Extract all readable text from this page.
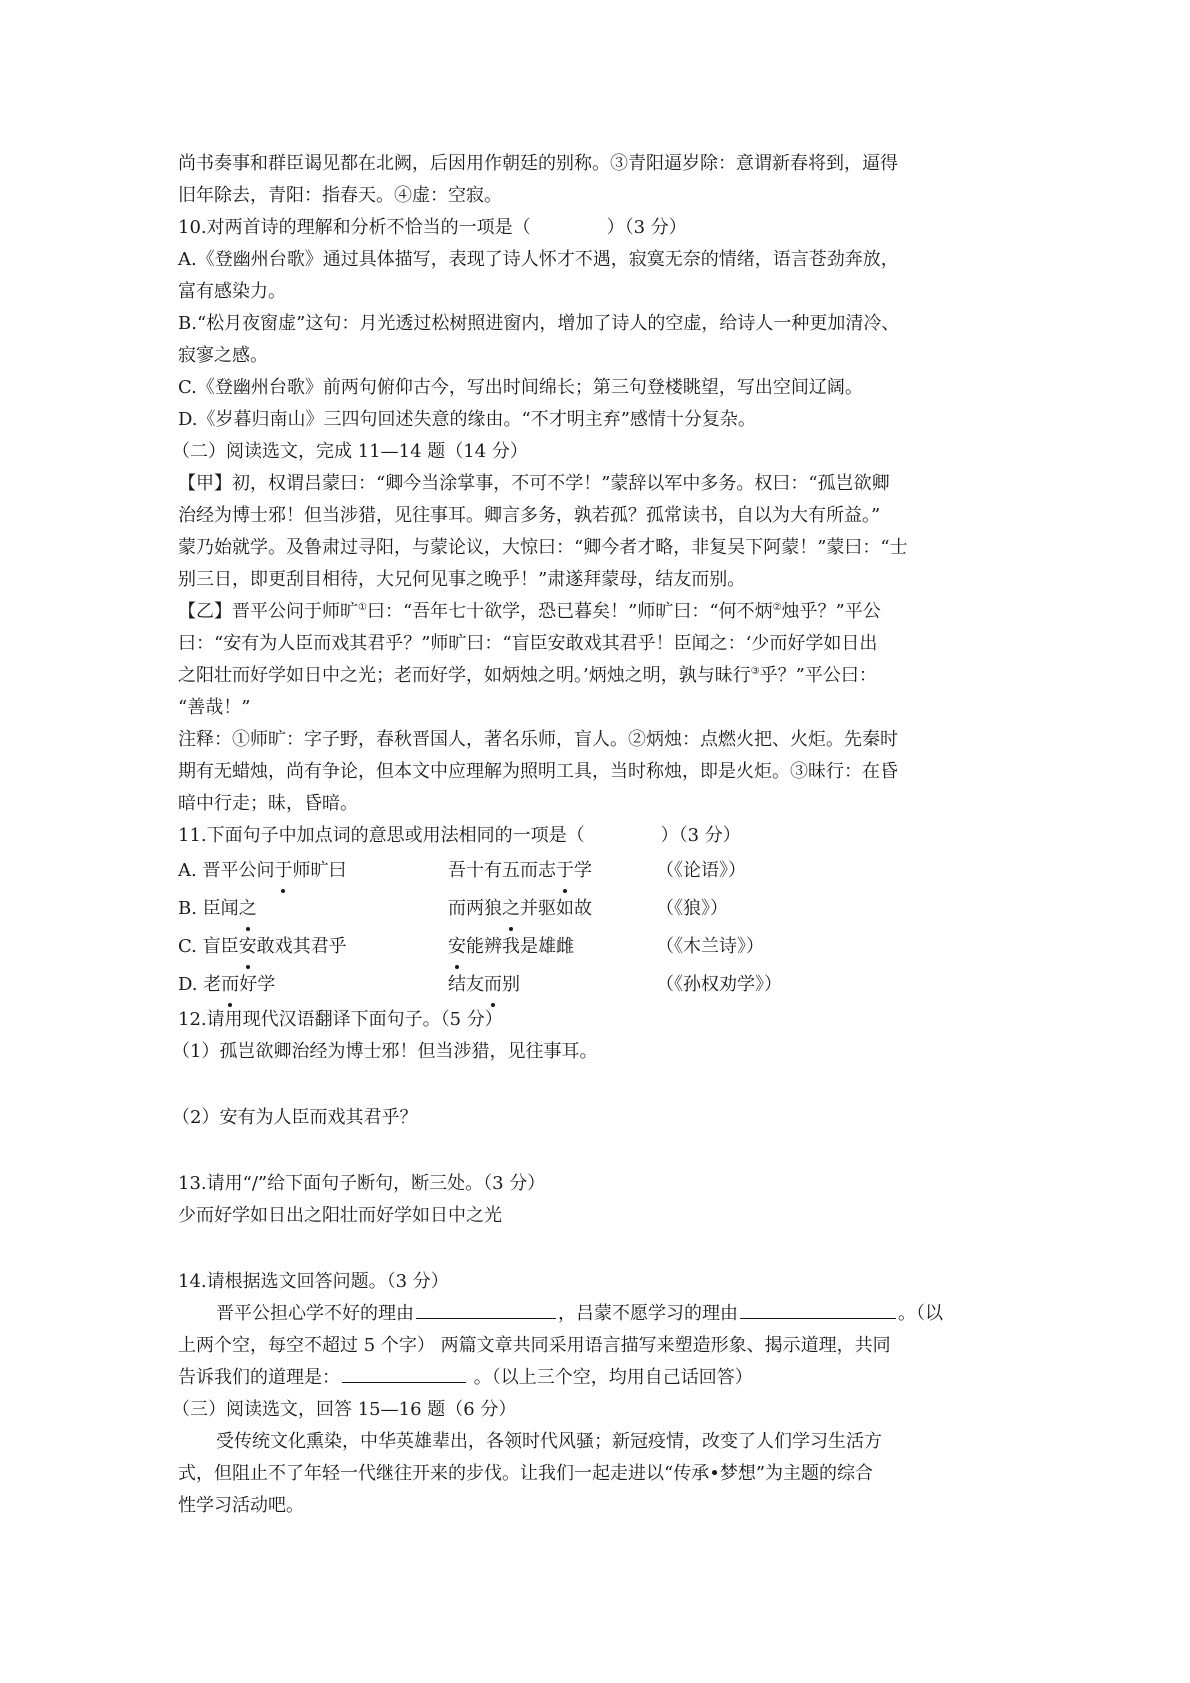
尚书奏事和群臣谒见都在北阙，后因用作朝廷的别称。③青阳逼岁除：意谓新春将到，逼得

旧年除去，青阳：指春天。④虚：空寂。

10.对两首诗的理解和分析不恰当的一项是（	）（3 分）

A.《登幽州台歌》通过具体描写，表现了诗人怀才不遇，寂寞无奈的情绪，语言苍劲奔放，

富有感染力。

B.“松月夜窗虚”这句：月光透过松树照进窗内，增加了诗人的空虚，给诗人一种更加清冷、

寂寥之感。

C.《登幽州台歌》前两句俯仰古今，写出时间绵长；第三句登楼眺望，写出空间辽阔。

D.《岁暮归南山》三四句回述失意的缘由。“不才明主弃”感情十分复杂。

（二）阅读选文，完成 11—14 题（14 分）

【甲】初，权谓吕蒙曰：“卿今当涂掌事，不可不学！”蒙辞以军中多务。权曰：“孤岂欲卿

治经为博士邪！但当涉猎，见往事耳。卿言多务，孰若孤？孤常读书，自以为大有所益。”

蒙乃始就学。及鲁肃过寻阳，与蒙论议，大惊曰：“卿今者才略，非复吴下阿蒙！”蒙曰：“士

别三日，即更刮目相待，大兄何见事之晚乎！”肃遂拜蒙母，结友而别。

【乙】晋平公问于师旷①曰：“吾年七十欲学，恐已暮矣！”师旷曰：“何不炳②烛乎？”平公

曰：“安有为人臣而戏其君乎？”师旷曰：“盲臣安敢戏其君乎！臣闻之：‘少而好学如日出

之阳壮而好学如日中之光；老而好学，如炳烛之明。’炳烛之明，孰与昧行③乎？”平公曰：

“善哉！”

注释：①师旷：字子野，春秋晋国人，著名乐师，盲人。②炳烛：点燃火把、火炬。先秦时

期有无蜡烛，尚有争论，但本文中应理解为照明工具，当时称烛，即是火炬。③昧行：在昏

暗中行走；昧，昏暗。

11.下面句子中加点词的意思或用法相同的一项是（	）（3 分）

A. 晋平公问于师旷曰	吾十有五而志于学	（《论语》）
B. 臣闻之	而两狼之并驱如故	（《狼》）
C. 盲臣安敢戏其君乎	安能辨我是雄雌	（《木兰诗》）
D. 老而好学	结友而别	（《孙权劝学》）

12.请用现代汉语翻译下面句子。（5 分）

（1）孤岂欲卿治经为博士邪！但当涉猎，见往事耳。

（2）安有为人臣而戏其君乎？

13.请用“/”给下面句子断句，断三处。（3 分）

少而好学如日出之阳壮而好学如日中之光

14.请根据选文回答问题。（3 分）

晋平公担心学不好的理由	，吕蒙不愿学习的理由	。（以

上两个空，每空不超过 5 个字） 两篇文章共同采用语言描写来塑造形象、揭示道理，共同

告诉我们的道理是：	。（以上三个空，均用自己话回答）

（三）阅读选文，回答 15—16 题（6 分）

受传统文化熏染，中华英雄辈出，各领时代风骚；新冠疫情，改变了人们学习生活方

式，但阻止不了年轻一代继往开来的步伐。让我们一起走进以“传承•梦想”为主题的综合

性学习活动吧。
